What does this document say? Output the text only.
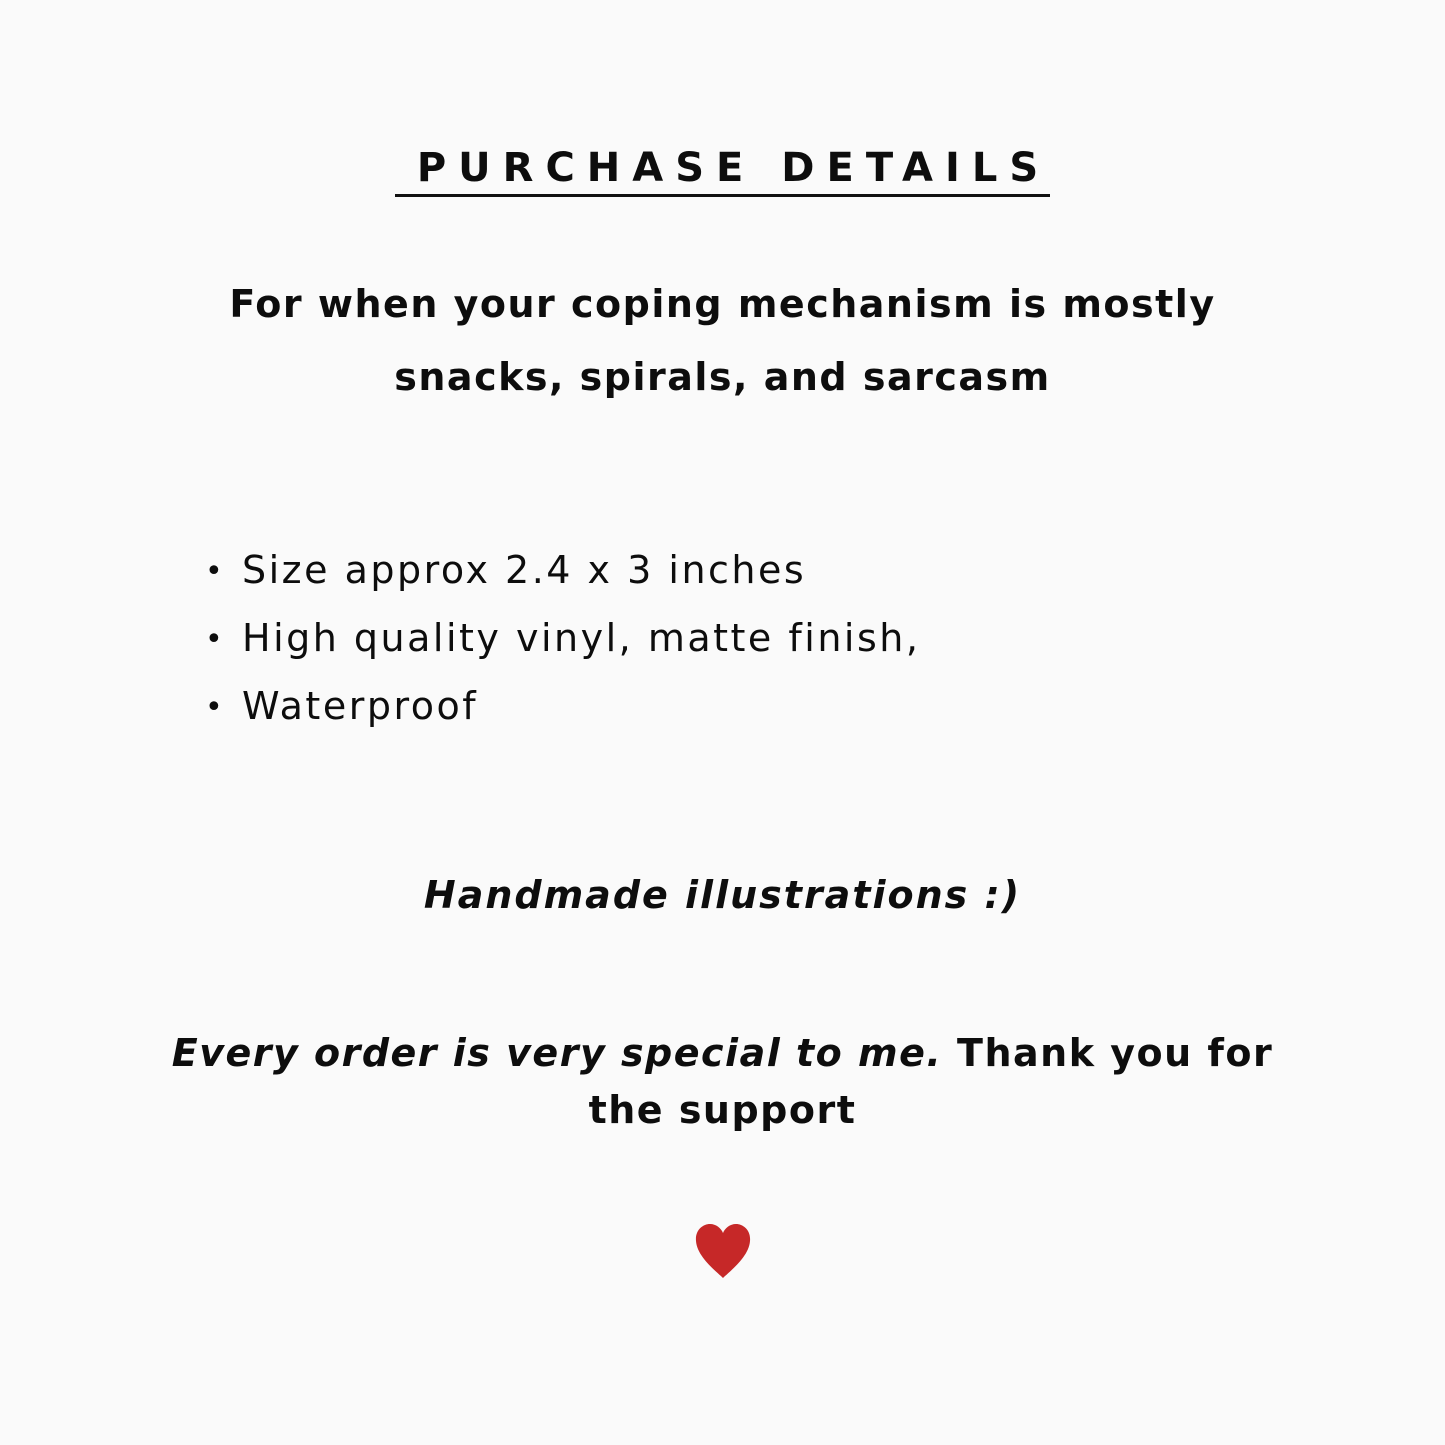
PURCHASE DETAILS

For when your coping mechanism is mostly snacks, spirals, and sarcasm

• Size approx 2.4 x 3 inches
• High quality vinyl, matte finish,
• Waterproof

Handmade illustrations :)

Every order is very special to me. Thank you for the support
